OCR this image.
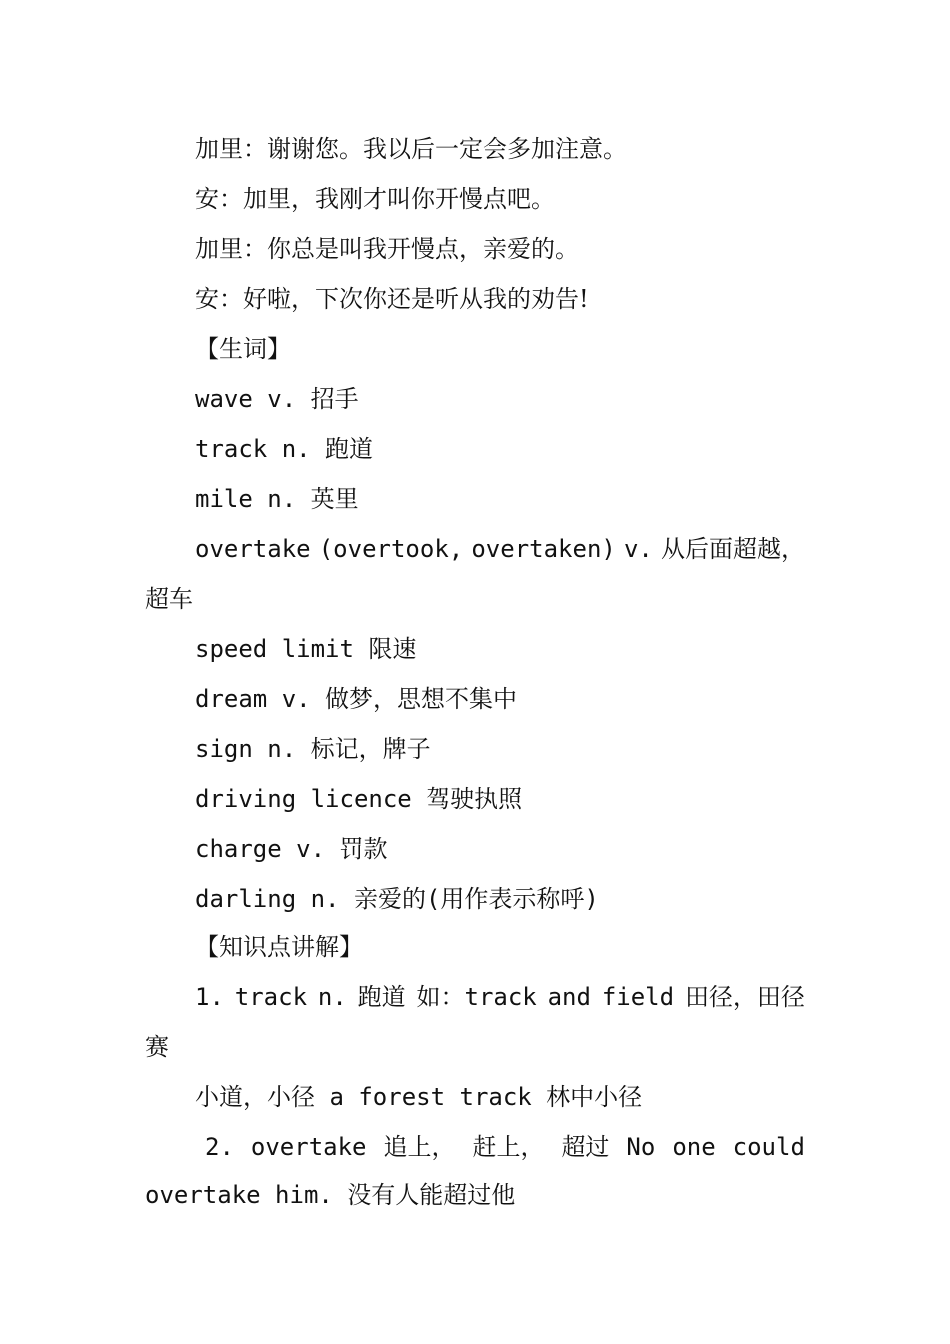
加里：谢谢您。我以后一定会多加注意。
安：加里，我刚才叫你开慢点吧。
加里：你总是叫我开慢点，亲爱的。
安：好啦，下次你还是听从我的劝告!
【生词】
wave v. 招手
track n. 跑道
mile n. 英里
overtake (overtook, overtaken) v. 从后面超越，
超车
speed limit 限速
dream v. 做梦，思想不集中
sign n. 标记，牌子
driving licence 驾驶执照
charge v. 罚款
darling n. 亲爱的(用作表示称呼)
【知识点讲解】
1. track n. 跑道 如：track and field 田径，田径
赛
小道，小径 a forest track 林中小径
2. overtake 追上， 赶上， 超过 No one could
overtake him. 没有人能超过他
